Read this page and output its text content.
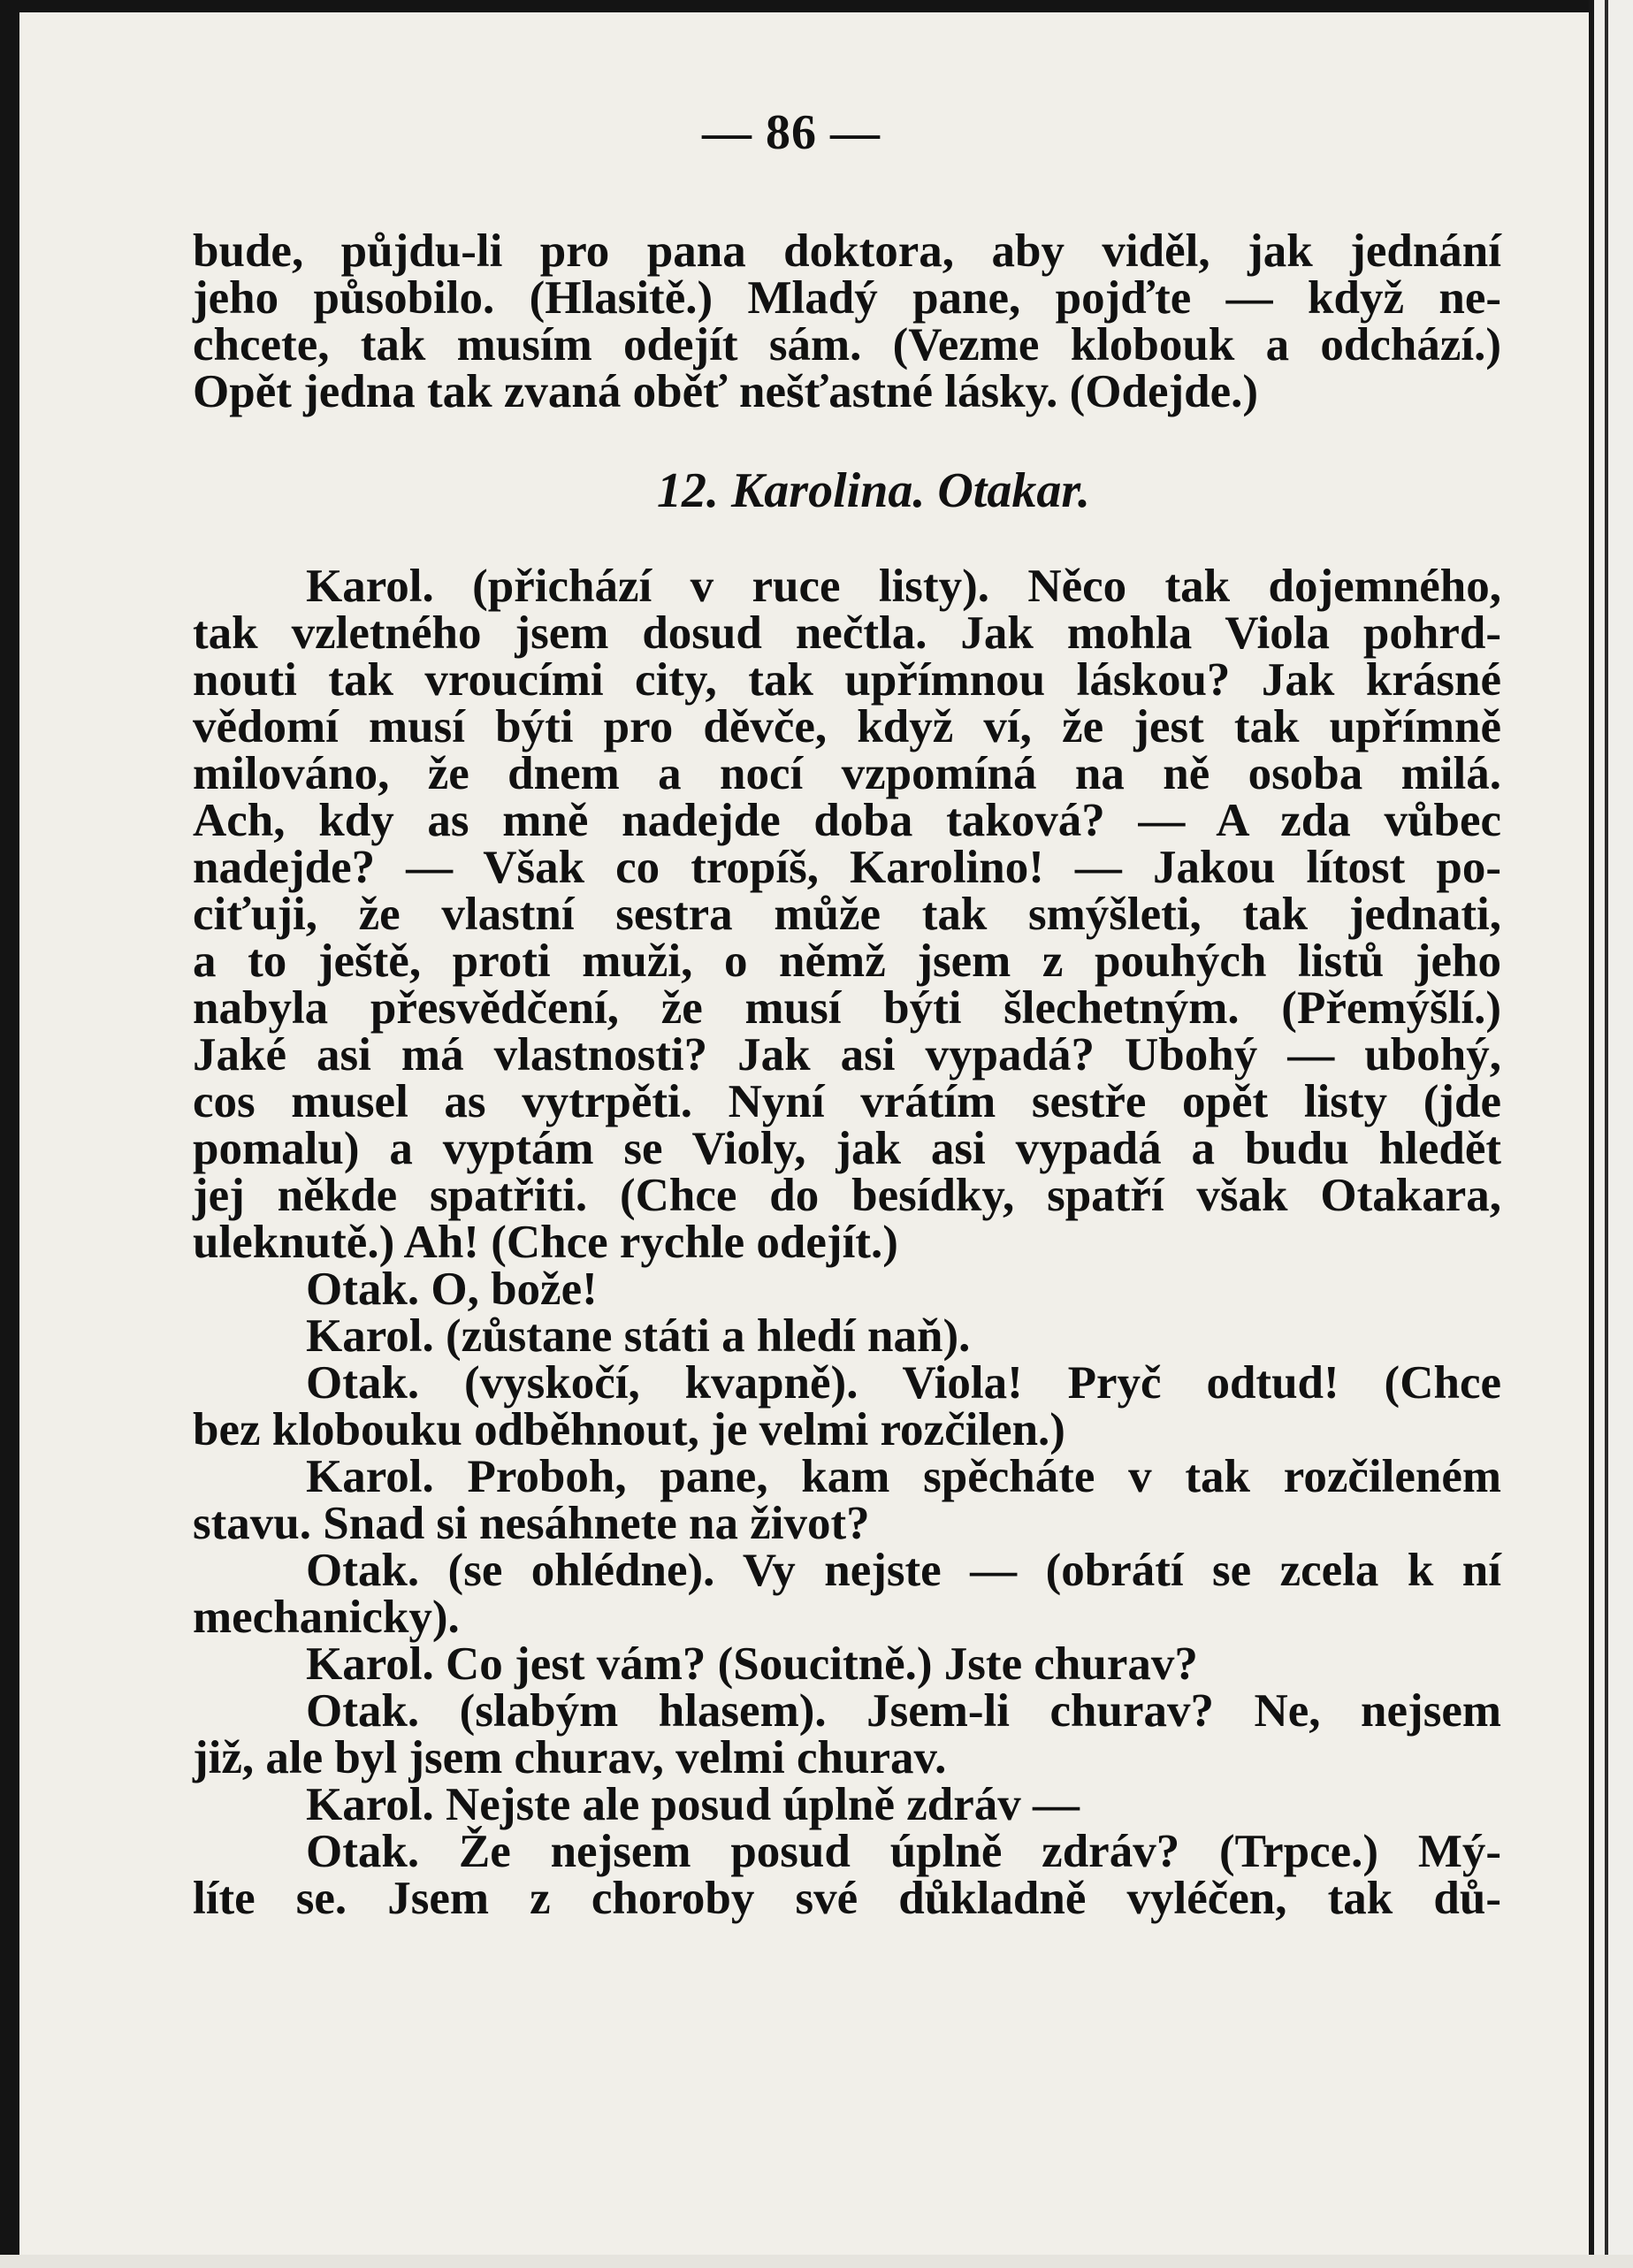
— 86 —
bude, půjdu-li pro pana doktora, aby viděl, jak jednání
jeho působilo. (Hlasitě.) Mladý pane, pojďte — když ne-
chcete, tak musím odejít sám. (Vezme klobouk a odchází.)
Opět jedna tak zvaná oběť nešťastné lásky. (Odejde.)
12. Karolina. Otakar.
Karol. (přichází v ruce listy). Něco tak dojemného,
tak vzletného jsem dosud nečtla. Jak mohla Viola pohrd-
nouti tak vroucími city, tak upřímnou láskou? Jak krásné
vědomí musí býti pro děvče, když ví, že jest tak upřímně
milováno, že dnem a nocí vzpomíná na ně osoba milá.
Ach, kdy as mně nadejde doba taková? — A zda vůbec
nadejde? — Však co tropíš, Karolino! — Jakou lítost po-
ciťuji, že vlastní sestra může tak smýšleti, tak jednati,
a to ještě, proti muži, o němž jsem z pouhých listů jeho
nabyla přesvědčení, že musí býti šlechetným. (Přemýšlí.)
Jaké asi má vlastnosti? Jak asi vypadá? Ubohý — ubohý,
cos musel as vytrpěti. Nyní vrátím sestře opět listy (jde
pomalu) a vyptám se Violy, jak asi vypadá a budu hledět
jej někde spatřiti. (Chce do besídky, spatří však Otakara,
uleknutě.) Ah! (Chce rychle odejít.)
Otak. O, bože!
Karol. (zůstane státi a hledí naň).
Otak. (vyskočí, kvapně). Viola! Pryč odtud! (Chce
bez klobouku odběhnout, je velmi rozčilen.)
Karol. Proboh, pane, kam spěcháte v tak rozčileném
stavu. Snad si nesáhnete na život?
Otak. (se ohlédne). Vy nejste — (obrátí se zcela k ní
mechanicky).
Karol. Co jest vám? (Soucitně.) Jste churav?
Otak. (slabým hlasem). Jsem-li churav? Ne, nejsem
již, ale byl jsem churav, velmi churav.
Karol. Nejste ale posud úplně zdráv —
Otak. Že nejsem posud úplně zdráv? (Trpce.) Mý-
líte se. Jsem z choroby své důkladně vyléčen, tak dů-
